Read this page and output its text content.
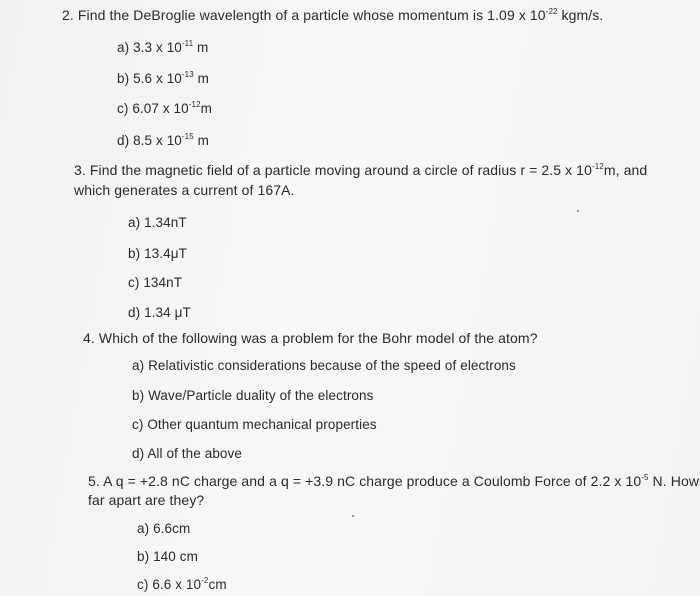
2. Find the DeBroglie wavelength of a particle whose momentum is 1.09 x $10^{-22}$ kgm/s.
a) 3.3 x $10^{-11}$ m
b) 5.6 x $10^{-13}$ m
c) 6.07 x $10^{-12}m$
d) 8.5 x $10^{-15}$ m
3. Find the magnetic field of a particle moving around a circle of radius r = 2.5 x $10^{-12}m$, and
which generates a current of 167A.
a) 1.34nT
b) 13.4μT
c) 134nT
d) 1.34 μT
4. Which of the following was a problem for the Bohr model of the atom?
a) Relativistic considerations because of the speed of electrons
b) Wave/Particle duality of the electrons
c) Other quantum mechanical properties
d) All of the above
5. A q = +2.8 nC charge and a q = +3.9 nC charge produce a Coulomb Force of 2.2 x $10^{-5}$ N. How
far apart are they?
a) 6.6cm
b) 140 cm
c) 6.6 x $10^{-2}cm$
